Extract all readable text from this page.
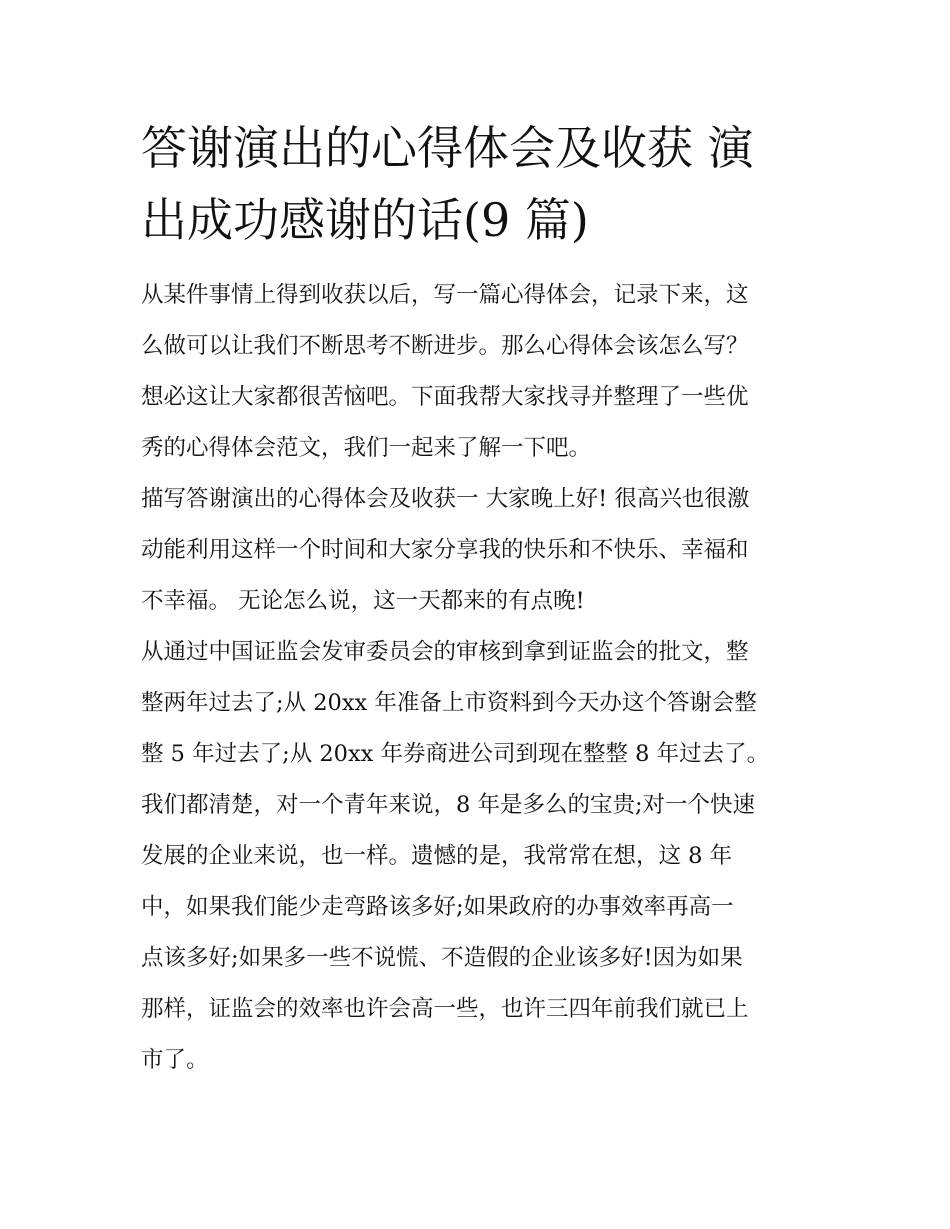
答谢演出的心得体会及收获 演
出成功感谢的话(9 篇)
从某件事情上得到收获以后，写一篇心得体会，记录下来，这
么做可以让我们不断思考不断进步。那么心得体会该怎么写？
想必这让大家都很苦恼吧。下面我帮大家找寻并整理了一些优
秀的心得体会范文，我们一起来了解一下吧。
描写答谢演出的心得体会及收获一 大家晚上好! 很高兴也很激
动能利用这样一个时间和大家分享我的快乐和不快乐、幸福和
不幸福。 无论怎么说，这一天都来的有点晚!
从通过中国证监会发审委员会的审核到拿到证监会的批文，整
整两年过去了;从 20xx 年准备上市资料到今天办这个答谢会整
整 5 年过去了;从 20xx 年券商进公司到现在整整 8 年过去了。
我们都清楚，对一个青年来说，8 年是多么的宝贵;对一个快速
发展的企业来说，也一样。遗憾的是，我常常在想，这 8 年
中，如果我们能少走弯路该多好;如果政府的办事效率再高一
点该多好;如果多一些不说慌、不造假的企业该多好!因为如果
那样，证监会的效率也许会高一些，也许三四年前我们就已上
市了。
